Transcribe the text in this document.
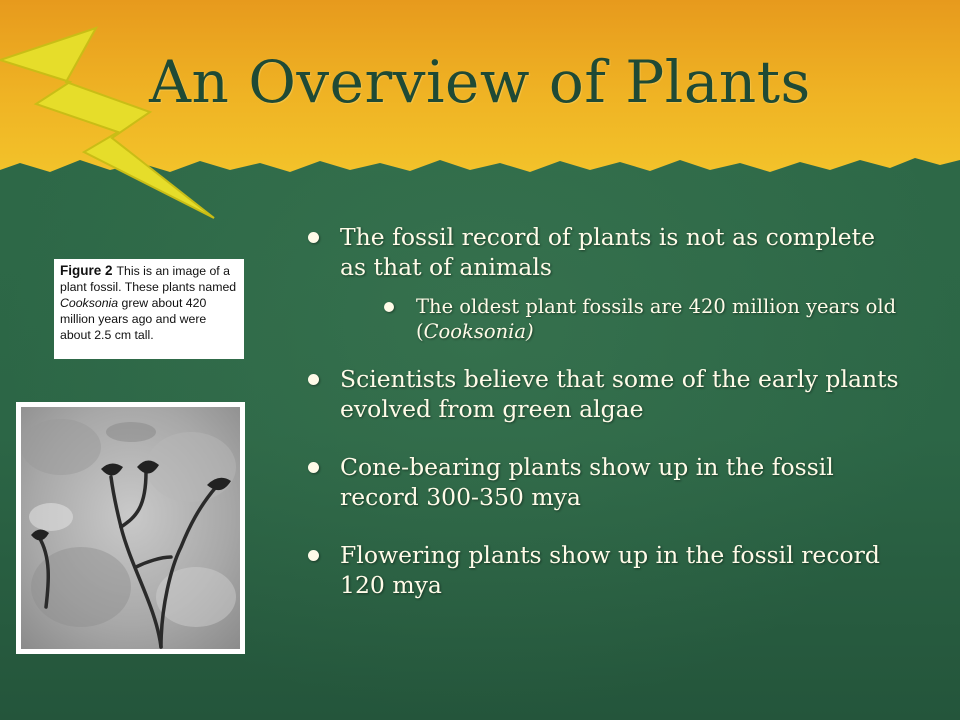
An Overview of Plants
Figure 2 This is an image of a plant fossil. These plants named Cooksonia grew about 420 million years ago and were about 2.5 cm tall.
The fossil record of plants is not as complete as that of animals
The oldest plant fossils are 420 million years old (Cooksonia)
Scientists believe that some of the early plants evolved from green algae
Cone-bearing plants show up in the fossil record 300-350 mya
Flowering plants show up in the fossil record 120 mya
